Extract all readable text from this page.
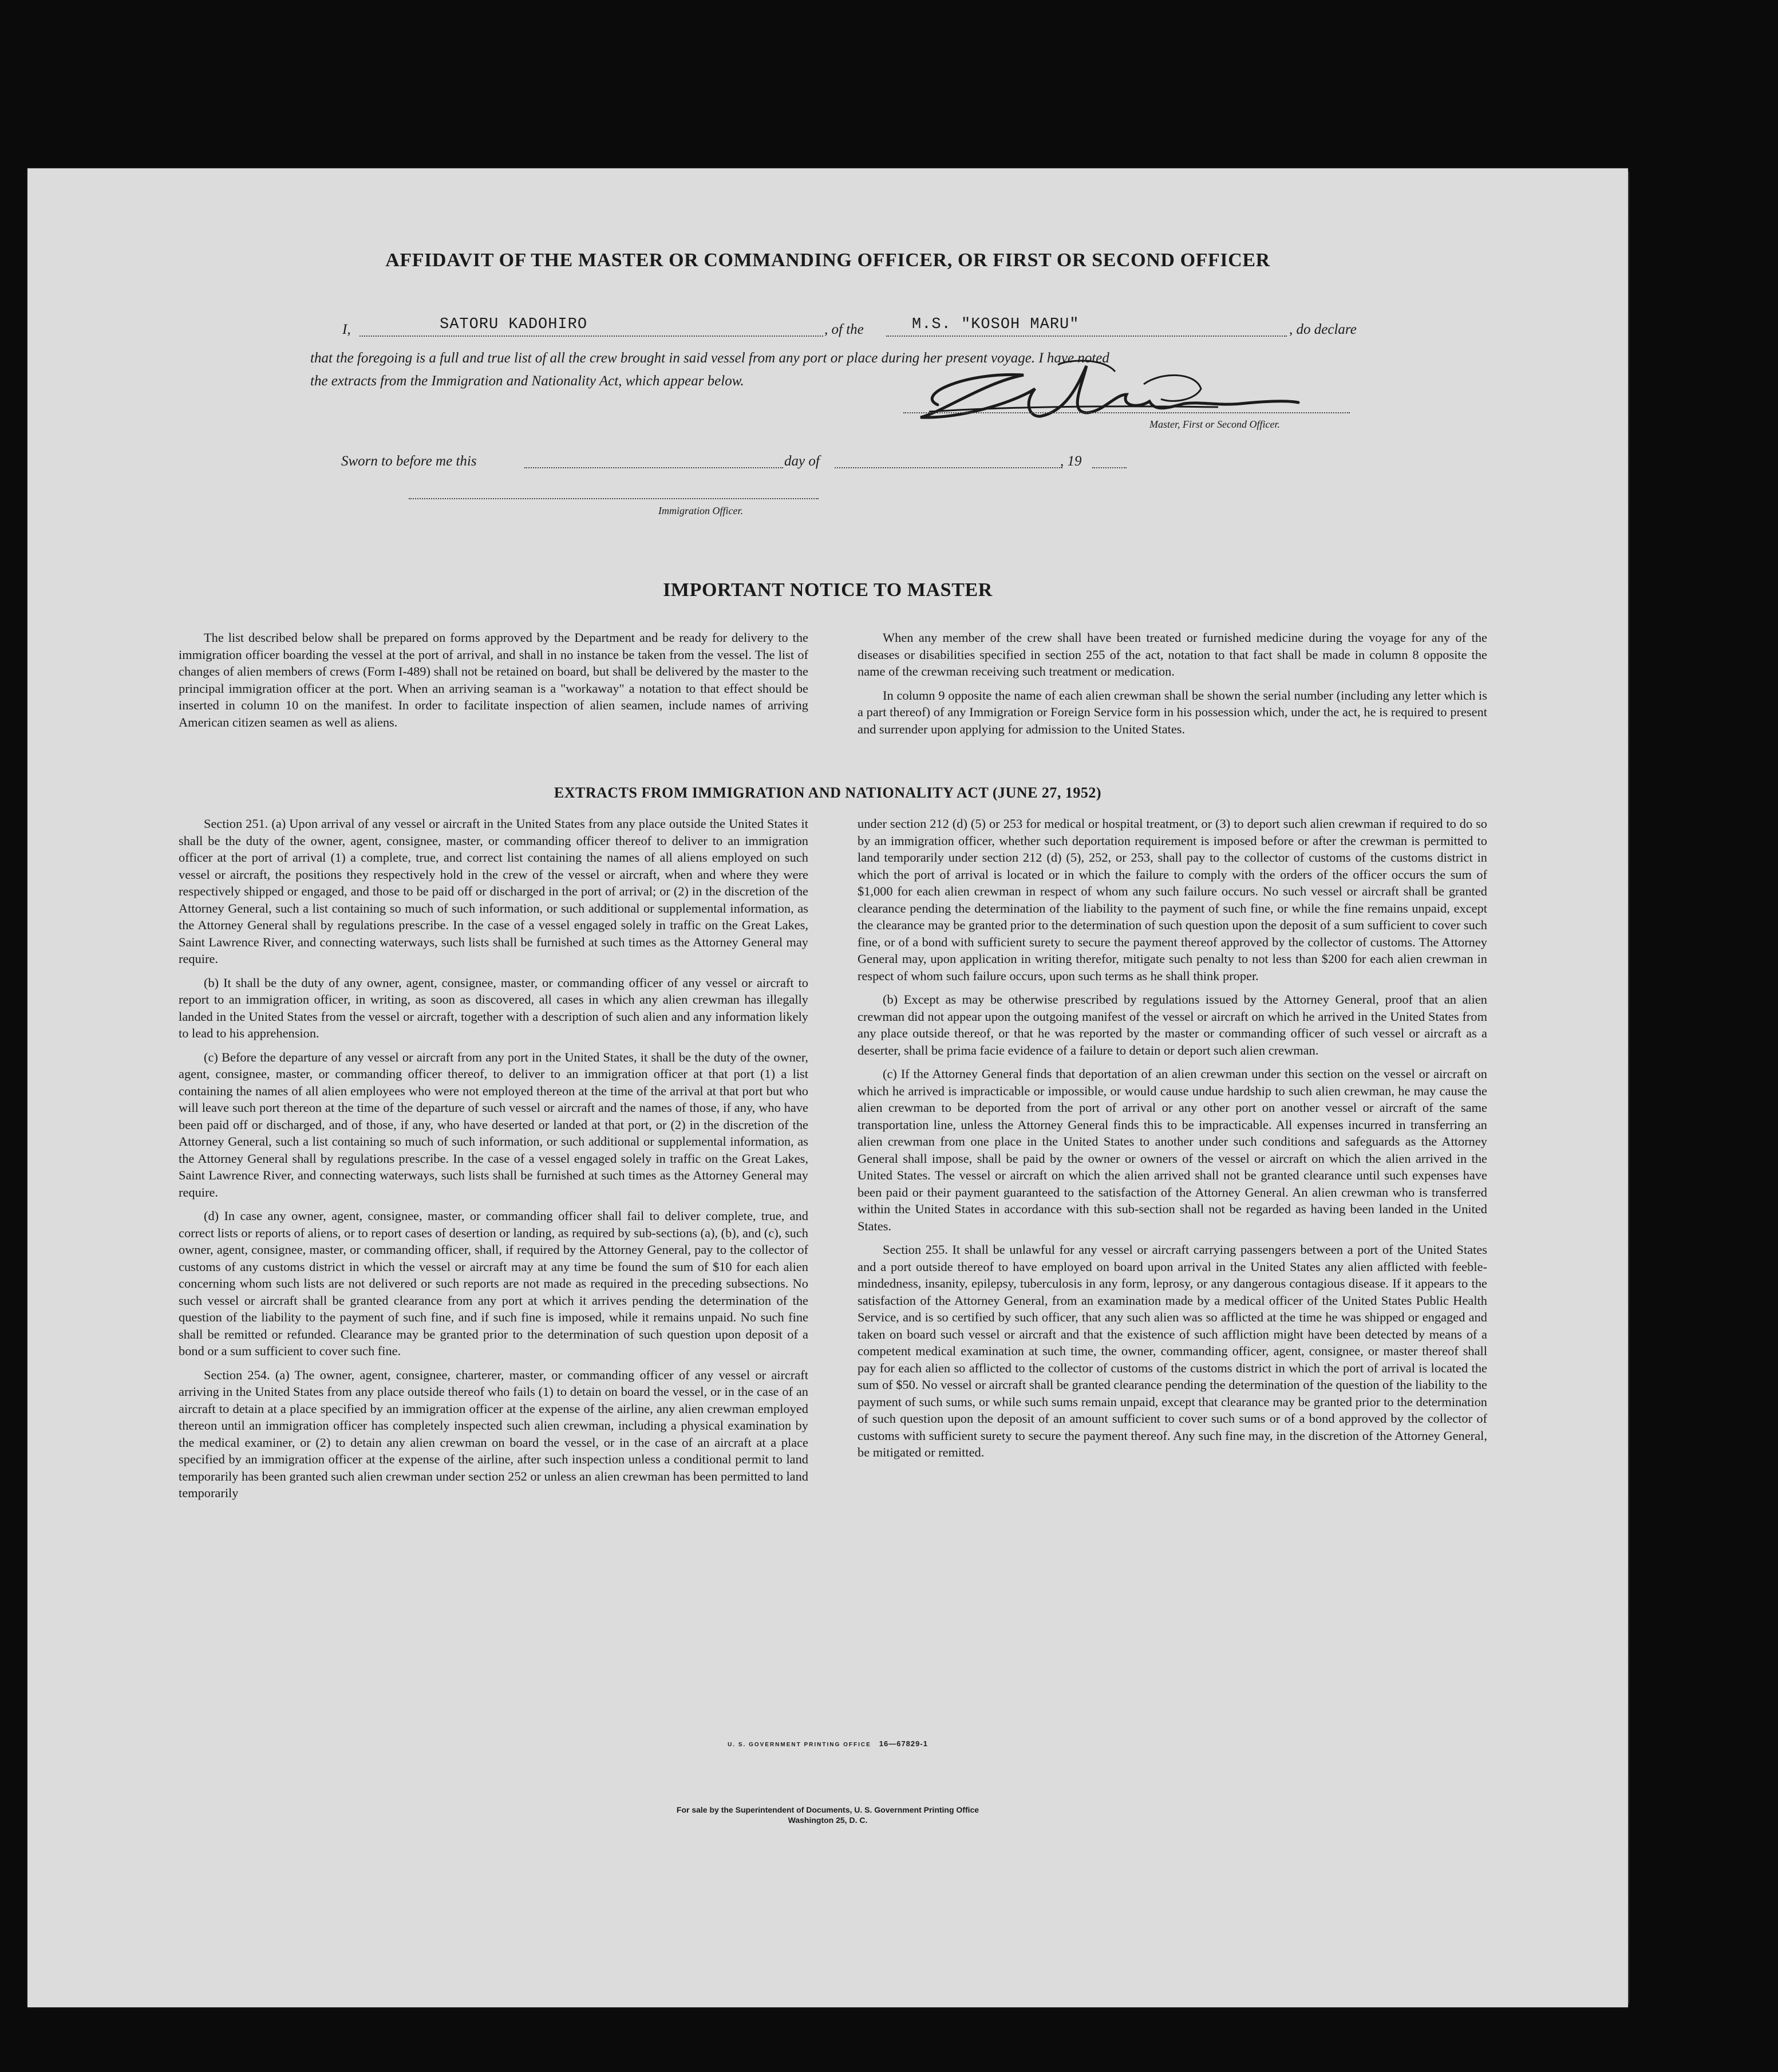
AFFIDAVIT OF THE MASTER OR COMMANDING OFFICER, OR FIRST OR SECOND OFFICER
I,	SATORU KADOHIRO	, of the	M.S. "KOSOH MARU"	, do declare
that the foregoing is a full and true list of all the crew brought in said vessel from any port or place during her present voyage. I have noted
the extracts from the Immigration and Nationality Act, which appear below.
Master, First or Second Officer.
Sworn to before me this	day of	, 19
Immigration Officer.
IMPORTANT NOTICE TO MASTER

The list described below shall be prepared on forms approved by the Department and be ready for delivery to the immigration officer boarding the vessel at the port of arrival, and shall in no instance be taken from the vessel. The list of changes of alien members of crews (Form I-489) shall not be retained on board, but shall be delivered by the master to the principal immigration officer at the port. When an arriving seaman is a "workaway" a notation to that effect should be inserted in column 10 on the manifest. In order to facilitate inspection of alien seamen, include names of arriving American citizen seamen as well as aliens.

When any member of the crew shall have been treated or furnished medicine during the voyage for any of the diseases or disabilities specified in section 255 of the act, notation to that fact shall be made in column 8 opposite the name of the crewman receiving such treatment or medication.

In column 9 opposite the name of each alien crewman shall be shown the serial number (including any letter which is a part thereof) of any Immigration or Foreign Service form in his possession which, under the act, he is required to present and surrender upon applying for admission to the United States.

EXTRACTS FROM IMMIGRATION AND NATIONALITY ACT (JUNE 27, 1952)

Section 251. (a) Upon arrival of any vessel or aircraft in the United States from any place outside the United States it shall be the duty of the owner, agent, consignee, master, or commanding officer thereof to deliver to an immigration officer at the port of arrival (1) a complete, true, and correct list containing the names of all aliens employed on such vessel or aircraft, the positions they respectively hold in the crew of the vessel or aircraft, when and where they were respectively shipped or engaged, and those to be paid off or discharged in the port of arrival; or (2) in the discretion of the Attorney General, such a list containing so much of such information, or such additional or supplemental information, as the Attorney General shall by regulations prescribe. In the case of a vessel engaged solely in traffic on the Great Lakes, Saint Lawrence River, and connecting waterways, such lists shall be furnished at such times as the Attorney General may require.

(b) It shall be the duty of any owner, agent, consignee, master, or commanding officer of any vessel or aircraft to report to an immigration officer, in writing, as soon as discovered, all cases in which any alien crewman has illegally landed in the United States from the vessel or aircraft, together with a description of such alien and any information likely to lead to his apprehension.

(c) Before the departure of any vessel or aircraft from any port in the United States, it shall be the duty of the owner, agent, consignee, master, or commanding officer thereof, to deliver to an immigration officer at that port (1) a list containing the names of all alien employees who were not employed thereon at the time of the arrival at that port but who will leave such port thereon at the time of the departure of such vessel or aircraft and the names of those, if any, who have been paid off or discharged, and of those, if any, who have deserted or landed at that port, or (2) in the discretion of the Attorney General, such a list containing so much of such information, or such additional or supplemental information, as the Attorney General shall by regulations prescribe. In the case of a vessel engaged solely in traffic on the Great Lakes, Saint Lawrence River, and connecting waterways, such lists shall be furnished at such times as the Attorney General may require.

(d) In case any owner, agent, consignee, master, or commanding officer shall fail to deliver complete, true, and correct lists or reports of aliens, or to report cases of desertion or landing, as required by sub-sections (a), (b), and (c), such owner, agent, consignee, master, or commanding officer, shall, if required by the Attorney General, pay to the collector of customs of any customs district in which the vessel or aircraft may at any time be found the sum of $10 for each alien concerning whom such lists are not delivered or such reports are not made as required in the preceding subsections. No such vessel or aircraft shall be granted clearance from any port at which it arrives pending the determination of the question of the liability to the payment of such fine, and if such fine is imposed, while it remains unpaid. No such fine shall be remitted or refunded. Clearance may be granted prior to the determination of such question upon deposit of a bond or a sum sufficient to cover such fine.

Section 254. (a) The owner, agent, consignee, charterer, master, or commanding officer of any vessel or aircraft arriving in the United States from any place outside thereof who fails (1) to detain on board the vessel, or in the case of an aircraft to detain at a place specified by an immigration officer at the expense of the airline, any alien crewman employed thereon until an immigration officer has completely inspected such alien crewman, including a physical examination by the medical examiner, or (2) to detain any alien crewman on board the vessel, or in the case of an aircraft at a place specified by an immigration officer at the expense of the airline, after such inspection unless a conditional permit to land temporarily has been granted such alien crewman under section 252 or unless an alien crewman has been permitted to land temporarily

under section 212 (d) (5) or 253 for medical or hospital treatment, or (3) to deport such alien crewman if required to do so by an immigration officer, whether such deportation requirement is imposed before or after the crewman is permitted to land temporarily under section 212 (d) (5), 252, or 253, shall pay to the collector of customs of the customs district in which the port of arrival is located or in which the failure to comply with the orders of the officer occurs the sum of $1,000 for each alien crewman in respect of whom any such failure occurs. No such vessel or aircraft shall be granted clearance pending the determination of the liability to the payment of such fine, or while the fine remains unpaid, except the clearance may be granted prior to the determination of such question upon the deposit of a sum sufficient to cover such fine, or of a bond with sufficient surety to secure the payment thereof approved by the collector of customs. The Attorney General may, upon application in writing therefor, mitigate such penalty to not less than $200 for each alien crewman in respect of whom such failure occurs, upon such terms as he shall think proper.

(b) Except as may be otherwise prescribed by regulations issued by the Attorney General, proof that an alien crewman did not appear upon the outgoing manifest of the vessel or aircraft on which he arrived in the United States from any place outside thereof, or that he was reported by the master or commanding officer of such vessel or aircraft as a deserter, shall be prima facie evidence of a failure to detain or deport such alien crewman.

(c) If the Attorney General finds that deportation of an alien crewman under this section on the vessel or aircraft on which he arrived is impracticable or impossible, or would cause undue hardship to such alien crewman, he may cause the alien crewman to be deported from the port of arrival or any other port on another vessel or aircraft of the same transportation line, unless the Attorney General finds this to be impracticable. All expenses incurred in transferring an alien crewman from one place in the United States to another under such conditions and safeguards as the Attorney General shall impose, shall be paid by the owner or owners of the vessel or aircraft on which the alien arrived in the United States. The vessel or aircraft on which the alien arrived shall not be granted clearance until such expenses have been paid or their payment guaranteed to the satisfaction of the Attorney General. An alien crewman who is transferred within the United States in accordance with this sub-section shall not be regarded as having been landed in the United States.

Section 255. It shall be unlawful for any vessel or aircraft carrying passengers between a port of the United States and a port outside thereof to have employed on board upon arrival in the United States any alien afflicted with feeble-mindedness, insanity, epilepsy, tuberculosis in any form, leprosy, or any dangerous contagious disease. If it appears to the satisfaction of the Attorney General, from an examination made by a medical officer of the United States Public Health Service, and is so certified by such officer, that any such alien was so afflicted at the time he was shipped or engaged and taken on board such vessel or aircraft and that the existence of such affliction might have been detected by means of a competent medical examination at such time, the owner, commanding officer, agent, consignee, or master thereof shall pay for each alien so afflicted to the collector of customs of the customs district in which the port of arrival is located the sum of $50. No vessel or aircraft shall be granted clearance pending the determination of the question of the liability to the payment of such sums, or while such sums remain unpaid, except that clearance may be granted prior to the determination of such question upon the deposit of an amount sufficient to cover such sums or of a bond approved by the collector of customs with sufficient surety to secure the payment thereof. Any such fine may, in the discretion of the Attorney General, be mitigated or remitted.

U. S. GOVERNMENT PRINTING OFFICE 16—67829-1
For sale by the Superintendent of Documents, U. S. Government Printing Office
Washington 25, D. C.
